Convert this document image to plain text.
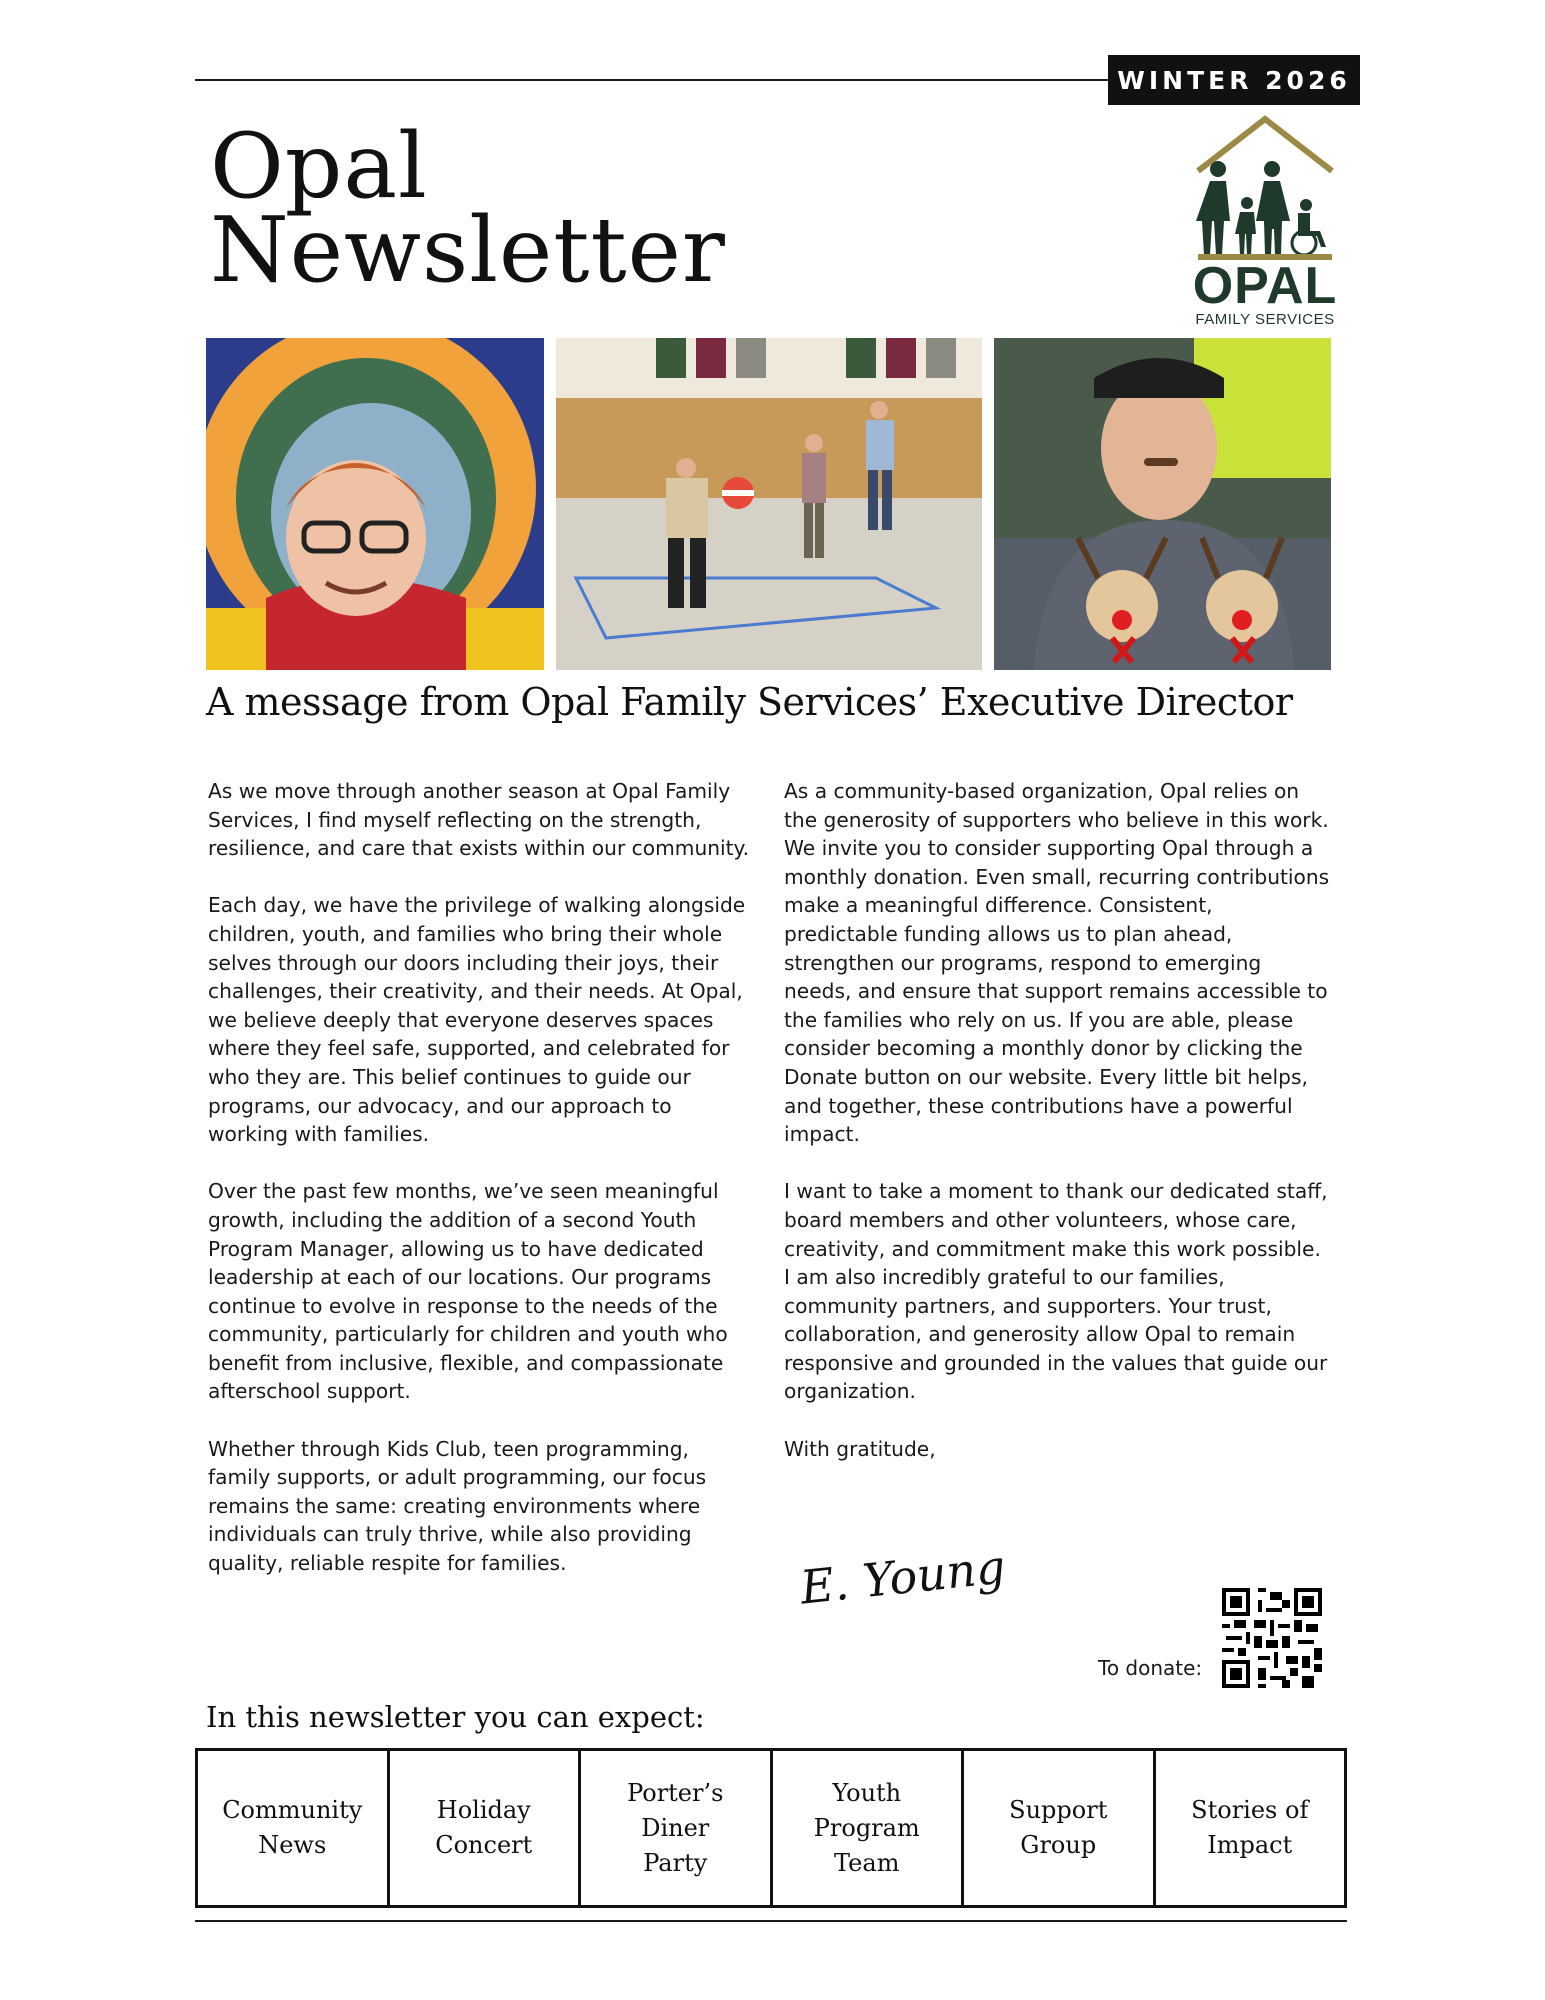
WINTER 2026
Opal
Newsletter	OPAL
FAMILY SERVICES
A message from Opal Family Services’ Executive Director

As we move through another season at Opal Family Services, I find myself reflecting on the strength, resilience, and care that exists within our community.

Each day, we have the privilege of walking alongside children, youth, and families who bring their whole selves through our doors including their joys, their challenges, their creativity, and their needs. At Opal, we believe deeply that everyone deserves spaces where they feel safe, supported, and celebrated for who they are. This belief continues to guide our programs, our advocacy, and our approach to working with families.

Over the past few months, we’ve seen meaningful growth, including the addition of a second Youth Program Manager, allowing us to have dedicated leadership at each of our locations. Our programs continue to evolve in response to the needs of the community, particularly for children and youth who benefit from inclusive, flexible, and compassionate afterschool support.

Whether through Kids Club, teen programming, family supports, or adult programming, our focus remains the same: creating environments where individuals can truly thrive, while also providing quality, reliable respite for families.

As a community-based organization, Opal relies on the generosity of supporters who believe in this work. We invite you to consider supporting Opal through a monthly donation. Even small, recurring contributions make a meaningful difference. Consistent, predictable funding allows us to plan ahead, strengthen our programs, respond to emerging needs, and ensure that support remains accessible to the families who rely on us. If you are able, please consider becoming a monthly donor by clicking the Donate button on our website. Every little bit helps, and together, these contributions have a powerful impact.

I want to take a moment to thank our dedicated staff, board members and other volunteers, whose care, creativity, and commitment make this work possible. I am also incredibly grateful to our families, community partners, and supporters. Your trust, collaboration, and generosity allow Opal to remain responsive and grounded in the values that guide our organization.

With gratitude,

E. Young
To donate:
In this newsletter you can expect:
Community
News
Holiday
Concert
Porter’s
Diner
Party
Youth
Program
Team
Support
Group
Stories of
Impact
